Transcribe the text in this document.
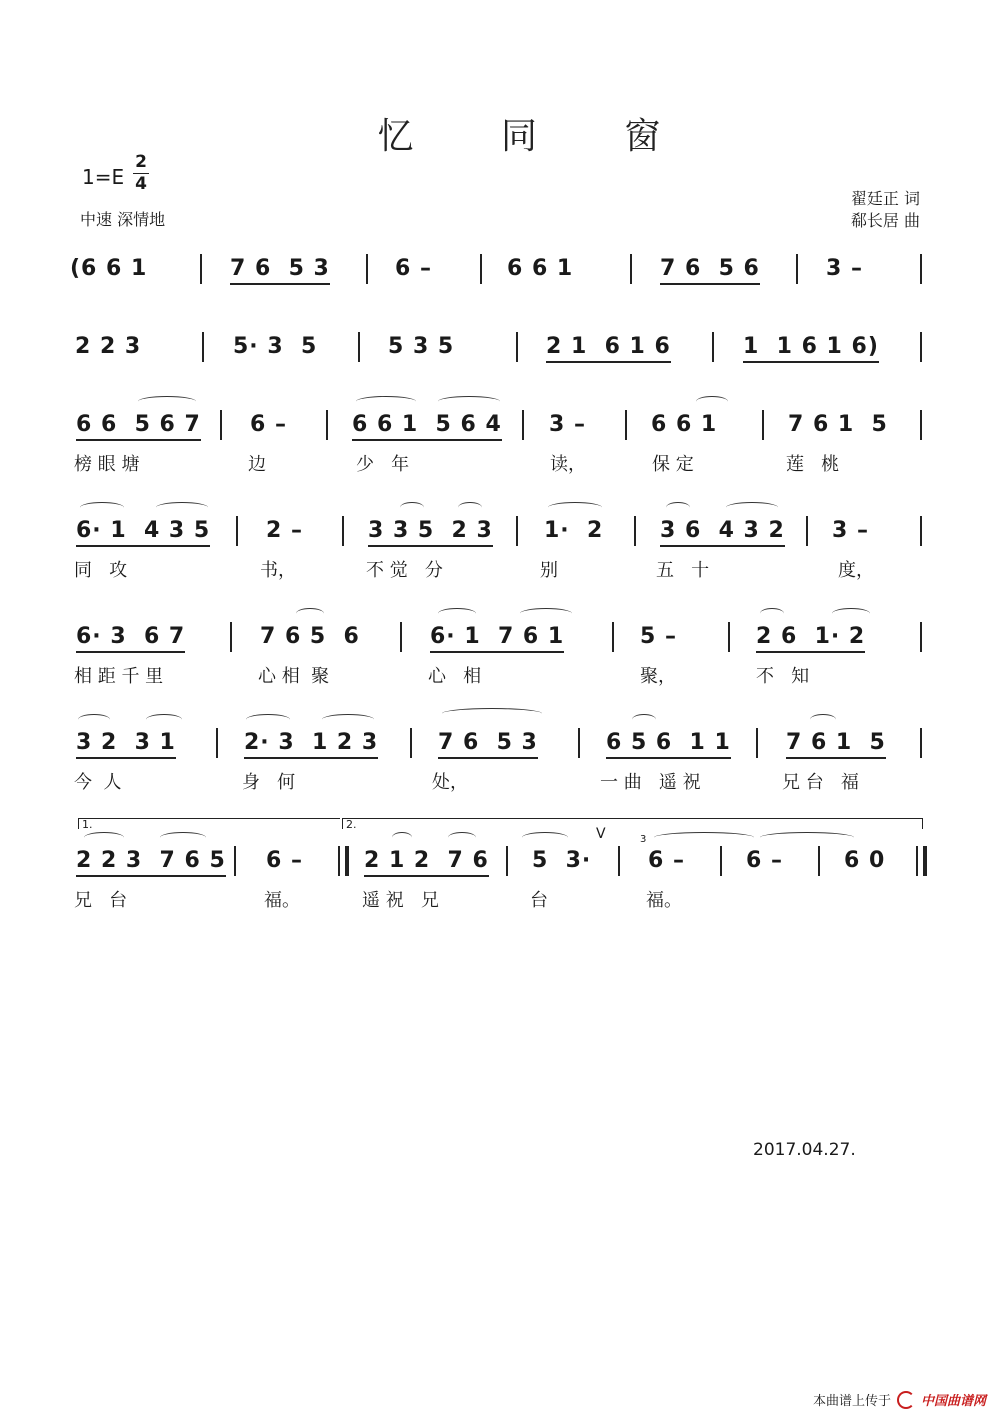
忆 同 窗
1=E
2
4
中速 深情地
翟廷正 词
郗长居 曲
(6 6 1	7 6  5 3	6 –	6 6 1	7 6  5 6	3 –
2 2 3	5· 3  5	5 3 5	2 1  6 1 6	1  1 6 1 6)
6 6  5 6 7 6 –	6 6 1  5 6 4 3 –	6 6 1	7 6 1  5
榜 眼 塘	边	少   年	读，	保 定	莲   桃
6· 1  4 3 5	2 –	3 3 5  2 3 1·  2	3 6  4 3 2 3 –
同   攻	书，	不 觉   分	别	五   十	度，
6· 3  6 7	7 6 5  6	6· 1  7 6 1	5 –	2 6  1· 2
相 距 千 里	心 相  聚	心   相	聚，	不   知
3 2  3 1	2· 3  1 2 3	7 6  5 3	6 5 6  1 1	7 6 1  5
今  人	身   何	处，	一 曲   遥 祝	兄 台   福
1.	2.
V	3
2 2 3  7 6 5 6 –	2 1 2  7 6 5  3·	6 –	6 –	6 0
兄   台	福。	遥 祝   兄	台	福。
2017.04.27.
本曲谱上传于 中国曲谱网
